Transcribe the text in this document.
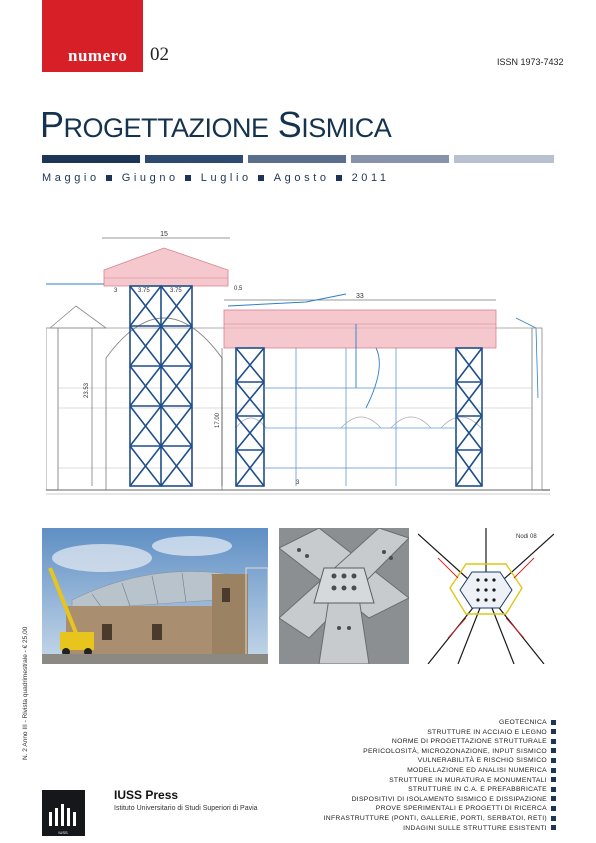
numero 02	ISSN 1973-7432
PROGETTAZIONE SISMICA
Maggio Giugno Luglio Agosto 2011
15
3	3.75	3.75	0.5
33
23.53
17.00
3
Nodi 08
N. 2 Anno III - Rivista quadrimestrale - € 25,00	GEOTECNICA
STRUTTURE IN ACCIAIO E LEGNO
NORME DI PROGETTAZIONE STRUTTURALE
PERICOLOSITÀ, MICROZONAZIONE, INPUT SISMICO
VULNERABILITÀ E RISCHIO SISMICO
MODELLAZIONE ED ANALISI NUMERICA
STRUTTURE IN MURATURA E MONUMENTALI
STRUTTURE IN C.A. E PREFABBRICATE
DISPOSITIVI DI ISOLAMENTO SISMICO E DISSIPAZIONE
PROVE SPERIMENTALI E PROGETTI DI RICERCA
INFRASTRUTTURE (PONTI, GALLERIE, PORTI, SERBATOI, RETI)
INDAGINI SULLE STRUTTURE ESISTENTI
IUSS
IUSS Press
Istituto Universitario di Studi Superiori di Pavia
